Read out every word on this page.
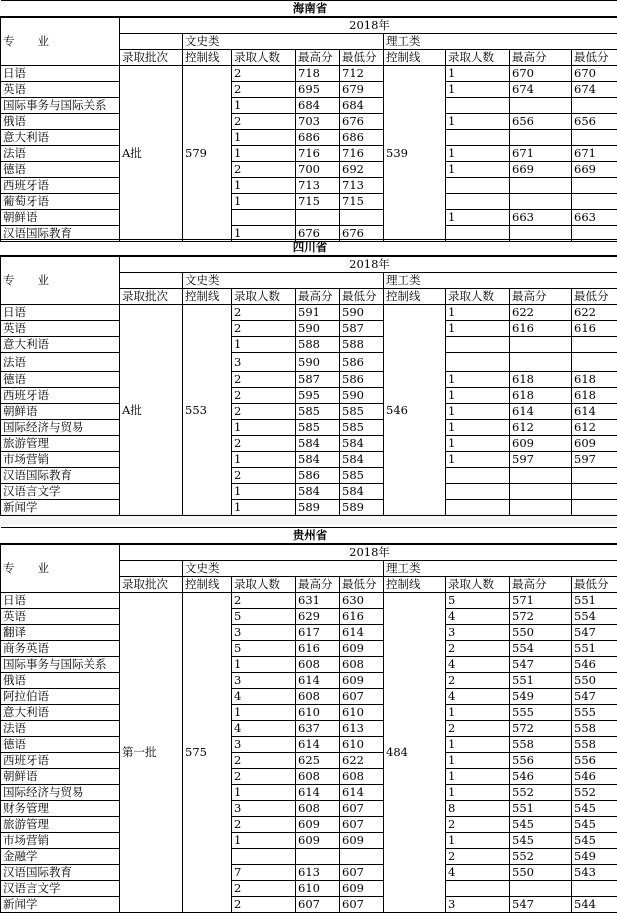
海南省									
专　　业	2018年								
		文史类				理工类			
	录取批次	控制线	录取人数	最高分	最低分	控制线	录取人数	最高分	最低分
日语	A批	579	2	718	712	539	1	670	670
英语			2	695	679		1	674	674
国际事务与国际关系			1	684	684				
俄语			2	703	676		1	656	656
意大利语			1	686	686				
法语			1	716	716		1	671	671
德语			2	700	692		1	669	669
西班牙语			1	713	713				
葡萄牙语			1	715	715				
朝鲜语							1	663	663
汉语国际教育			1	676	676				
四川省									
专　　业	2018年								
		文史类				理工类			
	录取批次	控制线	录取人数	最高分	最低分	控制线	录取人数	最高分	最低分
日语	A批	553	2	591	590	546	1	622	622
英语			2	590	587		1	616	616
意大利语			1	588	588				
法语			3	590	586				
德语			2	587	586		1	618	618
西班牙语			2	595	590		1	618	618
朝鲜语			2	585	585		1	614	614
国际经济与贸易			1	585	585		1	612	612
旅游管理			2	584	584		1	609	609
市场营销			1	584	584		1	597	597
汉语国际教育			2	586	585				
汉语言文学			1	584	584				
新闻学			1	589	589				
贵州省									
专　　业	2018年								
		文史类				理工类			
	录取批次	控制线	录取人数	最高分	最低分	控制线	录取人数	最高分	最低分
日语	第一批	575	2	631	630	484	5	571	551
英语			5	629	616		4	572	554
翻译			3	617	614		3	550	547
商务英语			5	616	609		2	554	551
国际事务与国际关系			1	608	608		4	547	546
俄语			3	614	609		2	551	550
阿拉伯语			4	608	607		4	549	547
意大利语			1	610	610		1	555	555
法语			4	637	613		2	572	558
德语			3	614	610		1	558	558
西班牙语			2	625	622		1	556	556
朝鲜语			2	608	608		1	546	546
国际经济与贸易			1	614	614		1	552	552
财务管理			3	608	607		8	551	545
旅游管理			2	609	607		2	545	545
市场营销			1	609	609		1	545	545
金融学							2	552	549
汉语国际教育			7	613	607		4	550	543
汉语言文学			2	610	609				
新闻学			2	607	607		3	547	544
